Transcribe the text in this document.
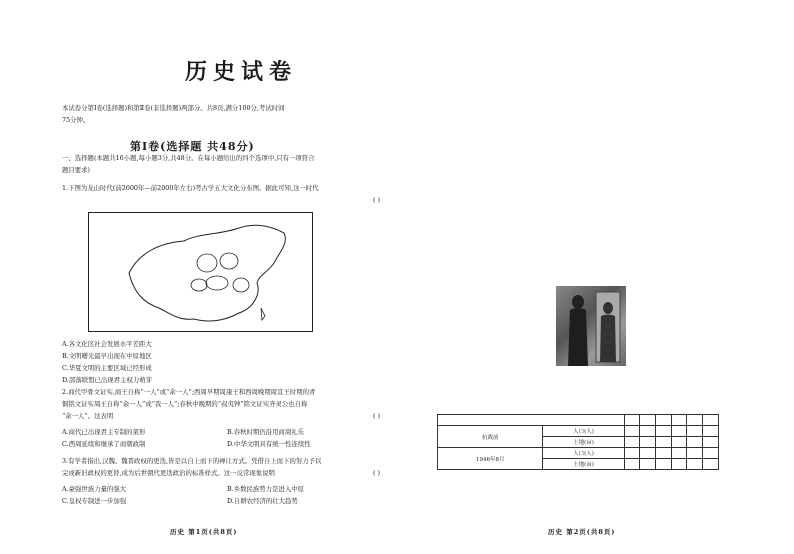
历史试卷
本试卷分第Ⅰ卷(选择题)和第Ⅱ卷(非选择题)两部分。共8页,满分100分,考试时间
75分钟。
第Ⅰ卷(选择题 共48分)
一、选择题(本题共16小题,每小题3分,共48分。在每小题给出的四个选项中,只有一项符合
题目要求)
1.下图为龙山时代(前2600年—前2000年左右)考古学五大文化分布图。据此可知,这一时代
( )
A.各文化区社会发展水平差距大
B.文明曙光最早出现在中原地区
C.华夏文明的主要区域已经形成
D.部落联盟已出现君主权力萌芽
2.商代甲骨文证实,商王自称“一人”或“余一人”;西周早期周康王和西周晚期周宣王时期的青
铜铭文证实周王自称“余一人”或“我一人”;春秋中晚期的“叔夷钟”铭文证实齐灵公也自称
“余一人”。这表明	( )
A.商代已出现君主专制的架形	B.春秋时期仍沿用商周礼乐
C.西周延续和继承了商朝政制	D.中华文明具有统一性连续性
3.有学者指出,汉魏、魏晋政权的更迭,皆是以自上而下的禅让方式。凭借自上而下的努力予以
完成新旧政权的更替,成为后世朝代更迭政治的标准样式。这一反常现象说明	( )
A.豪强世族力量的强大	B.乡数民族势力是进入中原
C.皇权专制进一步加强	D.自耕农经济的壮大趋势
历史 第1页(共8页)

抗战前	人口(人)						
	土地(亩)						
1946年8月	人口(人)						
	土地(亩)						
历史 第2页(共8页)
